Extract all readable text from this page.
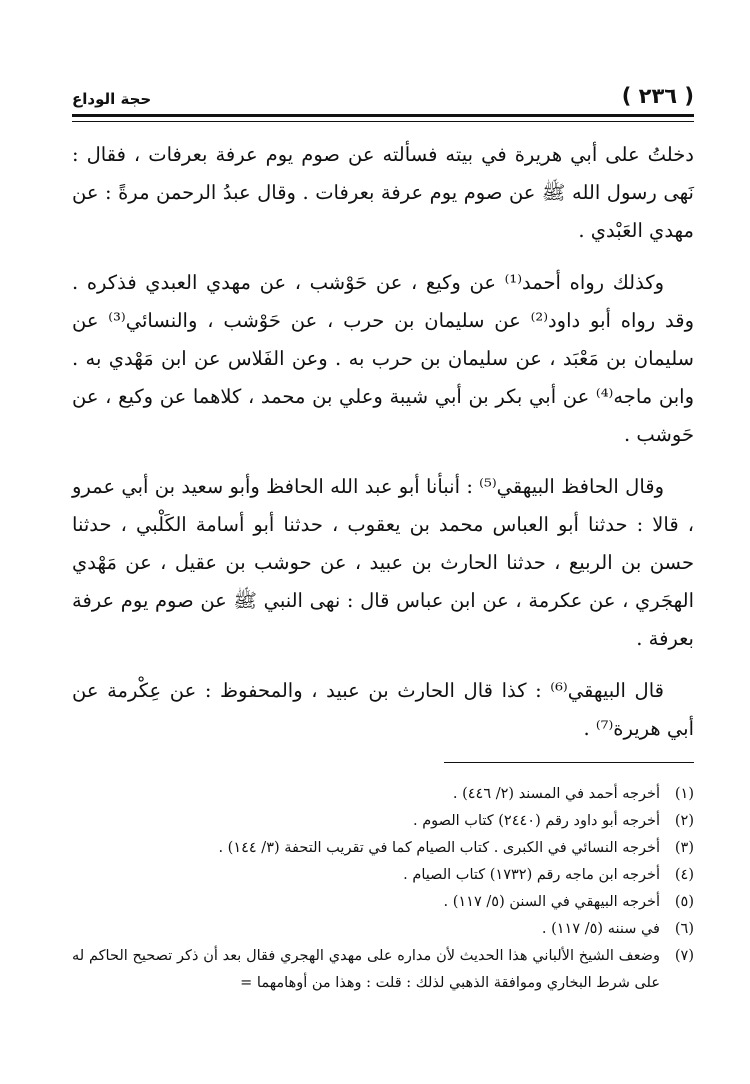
( ٢٣٦ )
حجة الوداع

دخلتُ على أبي هريرة في بيته فسألته عن صوم يوم عرفة بعرفات ، فقال : نَهى رسول الله ﷺ عن صوم يوم عرفة بعرفات . وقال عبدُ الرحمن مرةً : عن مهدي العَبْدي .

وكذلك رواه أحمد⁽¹⁾ عن وكيع ، عن حَوْشب ، عن مهدي العبدي فذكره . وقد رواه أبو داود⁽²⁾ عن سليمان بن حرب ، عن حَوْشب ، والنسائي⁽³⁾ عن سليمان بن مَعْبَد ، عن سليمان بن حرب به . وعن الفَلاس عن ابن مَهْدي به . وابن ماجه⁽⁴⁾ عن أبي بكر بن أبي شيبة وعلي بن محمد ، كلاهما عن وكيع ، عن حَوشب .

وقال الحافظ البيهقي⁽⁵⁾ : أنبأنا أبو عبد الله الحافظ وأبو سعيد بن أبي عمرو ، قالا : حدثنا أبو العباس محمد بن يعقوب ، حدثنا أبو أسامة الكَلْبي ، حدثنا حسن بن الربيع ، حدثنا الحارث بن عبيد ، عن حوشب بن عقيل ، عن مَهْدي الهجَري ، عن عكرمة ، عن ابن عباس قال : نهى النبي ﷺ عن صوم يوم عرفة بعرفة .

قال البيهقي⁽⁶⁾ : كذا قال الحارث بن عبيد ، والمحفوظ : عن عِكْرمة عن أبي هريرة⁽⁷⁾ .

(١)
أخرجه أحمد في المسند (٢/ ٤٤٦) .
(٢)
أخرجه أبو داود رقم (٢٤٤٠) كتاب الصوم .
(٣)
أخرجه النسائي في الكبرى . كتاب الصيام كما في تقريب التحفة (٣/ ١٤٤) .
(٤)
أخرجه ابن ماجه رقم (١٧٣٢) كتاب الصيام .
(٥)
أخرجه البيهقي في السنن (٥/ ١١٧) .
(٦)
في سننه (٥/ ١١٧) .
(٧)
وضعف الشيخ الألباني هذا الحديث لأن مداره على مهدي الهجري فقال بعد أن ذكر تصحيح الحاكم له على شرط البخاري وموافقة الذهبي لذلك : قلت : وهذا من أوهامهما =
